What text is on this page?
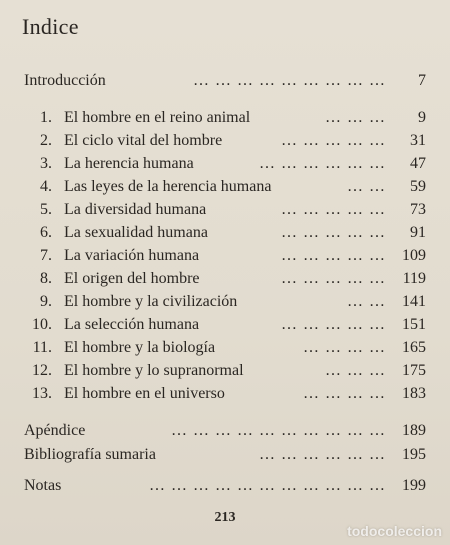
Indice
Introducción	… … … … … … … … …	7
1. El hombre en el reino animal	… … …	9
2. El ciclo vital del hombre	… … … … …	31
3. La herencia humana	… … … … … …	47
4. Las leyes de la herencia humana	… …	59
5. La diversidad humana	… … … … …	73
6. La sexualidad humana	… … … … …	91
7. La variación humana	… … … … …	109
8. El origen del hombre	… … … … …	119
9. El hombre y la civilización	… …	141
10. La selección humana	… … … … …	151
11. El hombre y la biología	… … … …	165
12. El hombre y lo supranormal	… … …	175
13. El hombre en el universo	… … … …	183
Apéndice	… … … … … … … … … …	189
Bibliografía sumaria	… … … … … …	195
Notas	… … … … … … … … … … …	199
213
todocoleccion
